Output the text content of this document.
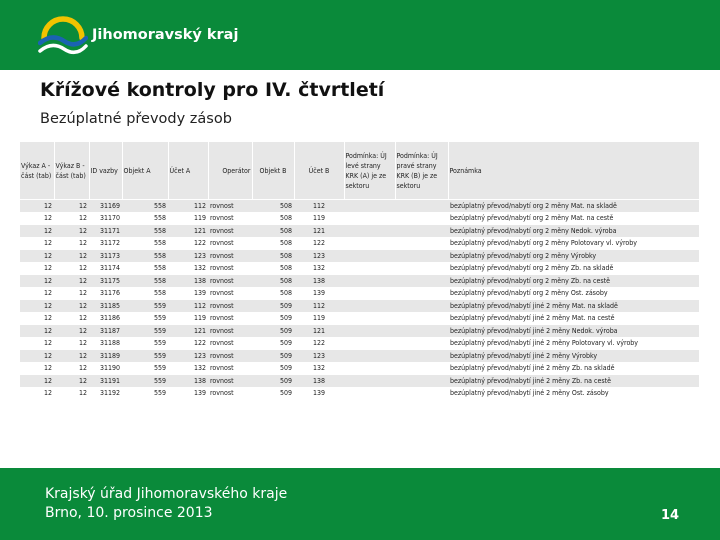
Jihomoravský kraj
Křížové kontroly pro IV. čtvrtletí
Bezúplatné převody zásob
Výkaz A - část (tab)	Výkaz B - část (tab)	ID vazby	Objekt A	Účet A	Operátor	Objekt B	Účet B	Podmínka: ÚJ levé strany KRK (A) je ze sektoru	Podmínka: ÚJ pravé strany KRK (B) je ze sektoru	Poznámka
12	12	31169	558	112	rovnost	508	112			bezúplatný převod/nabytí org 2 měny Mat. na skladě
12	12	31170	558	119	rovnost	508	119			bezúplatný převod/nabytí org 2 měny Mat. na cestě
12	12	31171	558	121	rovnost	508	121			bezúplatný převod/nabytí org 2 měny Nedok. výroba
12	12	31172	558	122	rovnost	508	122			bezúplatný převod/nabytí org 2 měny Polotovary vl. výroby
12	12	31173	558	123	rovnost	508	123			bezúplatný převod/nabytí org 2 měny Výrobky
12	12	31174	558	132	rovnost	508	132			bezúplatný převod/nabytí org 2 měny Zb. na skladě
12	12	31175	558	138	rovnost	508	138			bezúplatný převod/nabytí org 2 měny Zb. na cestě
12	12	31176	558	139	rovnost	508	139			bezúplatný převod/nabytí org 2 měny Ost. zásoby
12	12	31185	559	112	rovnost	509	112			bezúplatný převod/nabytí jiné 2 měny Mat. na skladě
12	12	31186	559	119	rovnost	509	119			bezúplatný převod/nabytí jiné 2 měny Mat. na cestě
12	12	31187	559	121	rovnost	509	121			bezúplatný převod/nabytí jiné 2 měny Nedok. výroba
12	12	31188	559	122	rovnost	509	122			bezúplatný převod/nabytí jiné 2 měny Polotovary vl. výroby
12	12	31189	559	123	rovnost	509	123			bezúplatný převod/nabytí jiné 2 měny Výrobky
12	12	31190	559	132	rovnost	509	132			bezúplatný převod/nabytí jiné 2 měny Zb. na skladě
12	12	31191	559	138	rovnost	509	138			bezúplatný převod/nabytí jiné 2 měny Zb. na cestě
12	12	31192	559	139	rovnost	509	139			bezúplatný převod/nabytí jiné 2 měny Ost. zásoby
Krajský úřad Jihomoravského kraje
Brno, 10. prosince 2013	14
